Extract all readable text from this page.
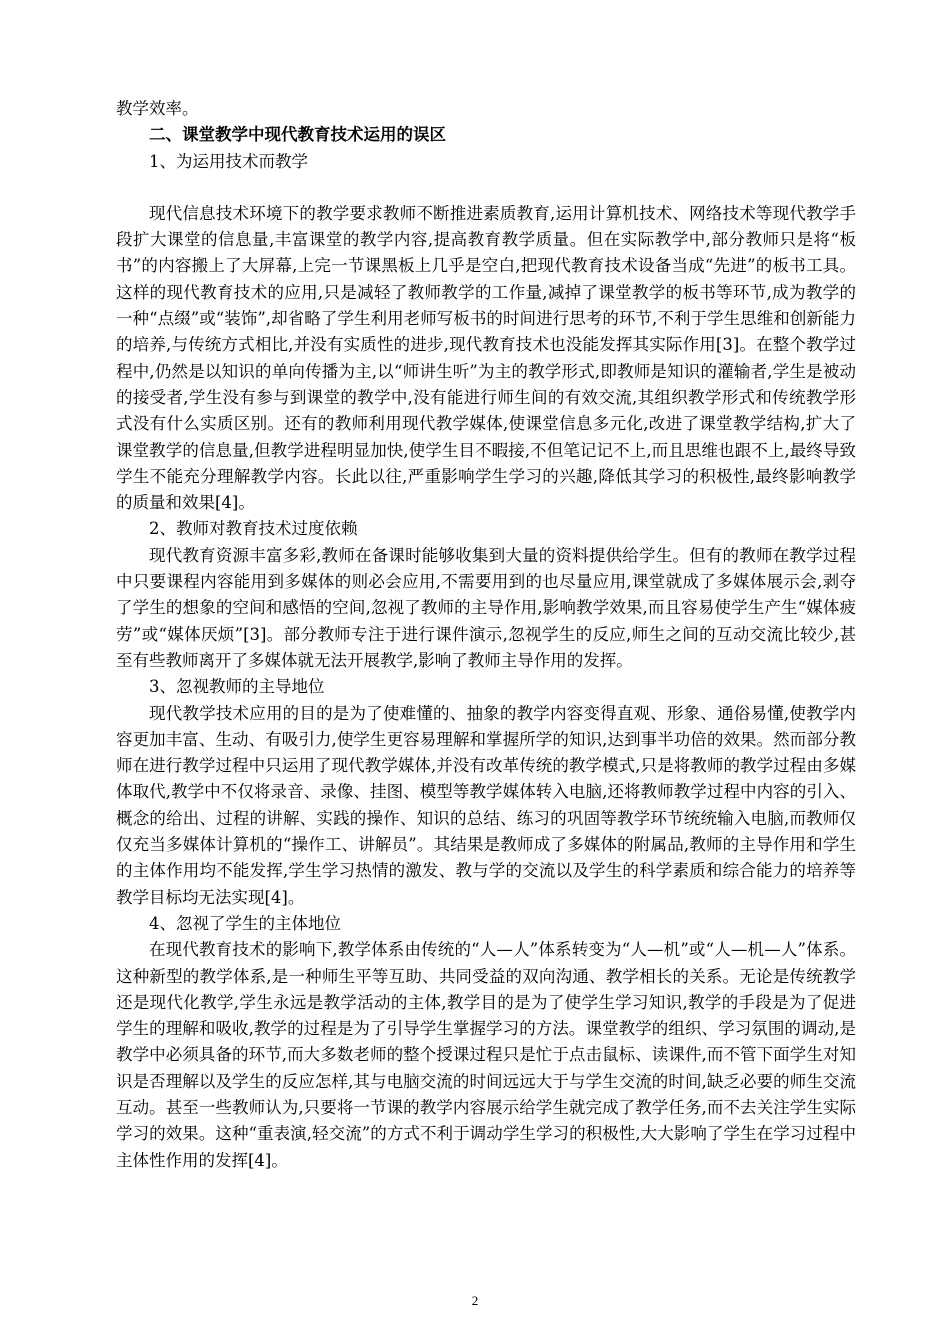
教学效率。

二、课堂教学中现代教育技术运用的误区

1、为运用技术而教学

现代信息技术环境下的教学要求教师不断推进素质教育,运用计算机技术、网络技术等现代教学手段扩大课堂的信息量,丰富课堂的教学内容,提高教育教学质量。但在实际教学中,部分教师只是将“板书”的内容搬上了大屏幕,上完一节课黑板上几乎是空白,把现代教育技术设备当成“先进”的板书工具。这样的现代教育技术的应用,只是减轻了教师教学的工作量,减掉了课堂教学的板书等环节,成为教学的一种“点缀”或“装饰”,却省略了学生利用老师写板书的时间进行思考的环节,不利于学生思维和创新能力的培养,与传统方式相比,并没有实质性的进步,现代教育技术也没能发挥其实际作用[3]。在整个教学过程中,仍然是以知识的单向传播为主,以“师讲生听”为主的教学形式,即教师是知识的灌输者,学生是被动的接受者,学生没有参与到课堂的教学中,没有能进行师生间的有效交流,其组织教学形式和传统教学形式没有什么实质区别。还有的教师利用现代教学媒体,使课堂信息多元化,改进了课堂教学结构,扩大了课堂教学的信息量,但教学进程明显加快,使学生目不暇接,不但笔记记不上,而且思维也跟不上,最终导致学生不能充分理解教学内容。长此以往,严重影响学生学习的兴趣,降低其学习的积极性,最终影响教学的质量和效果[4]。

2、教师对教育技术过度依赖

现代教育资源丰富多彩,教师在备课时能够收集到大量的资料提供给学生。但有的教师在教学过程中只要课程内容能用到多媒体的则必会应用,不需要用到的也尽量应用,课堂就成了多媒体展示会,剥夺了学生的想象的空间和感悟的空间,忽视了教师的主导作用,影响教学效果,而且容易使学生产生“媒体疲劳”或“媒体厌烦”[3]。部分教师专注于进行课件演示,忽视学生的反应,师生之间的互动交流比较少,甚至有些教师离开了多媒体就无法开展教学,影响了教师主导作用的发挥。

3、忽视教师的主导地位

现代教学技术应用的目的是为了使难懂的、抽象的教学内容变得直观、形象、通俗易懂,使教学内容更加丰富、生动、有吸引力,使学生更容易理解和掌握所学的知识,达到事半功倍的效果。然而部分教师在进行教学过程中只运用了现代教学媒体,并没有改革传统的教学模式,只是将教师的教学过程由多媒体取代,教学中不仅将录音、录像、挂图、模型等教学媒体转入电脑,还将教师教学过程中内容的引入、概念的给出、过程的讲解、实践的操作、知识的总结、练习的巩固等教学环节统统输入电脑,而教师仅仅充当多媒体计算机的“操作工、讲解员”。其结果是教师成了多媒体的附属品,教师的主导作用和学生的主体作用均不能发挥,学生学习热情的激发、教与学的交流以及学生的科学素质和综合能力的培养等教学目标均无法实现[4]。

4、忽视了学生的主体地位

在现代教育技术的影响下,教学体系由传统的“人—人”体系转变为“人—机”或“人—机—人”体系。这种新型的教学体系,是一种师生平等互助、共同受益的双向沟通、教学相长的关系。无论是传统教学还是现代化教学,学生永远是教学活动的主体,教学目的是为了使学生学习知识,教学的手段是为了促进学生的理解和吸收,教学的过程是为了引导学生掌握学习的方法。课堂教学的组织、学习氛围的调动,是教学中必须具备的环节,而大多数老师的整个授课过程只是忙于点击鼠标、读课件,而不管下面学生对知识是否理解以及学生的反应怎样,其与电脑交流的时间远远大于与学生交流的时间,缺乏必要的师生交流互动。甚至一些教师认为,只要将一节课的教学内容展示给学生就完成了教学任务,而不去关注学生实际学习的效果。这种“重表演,轻交流”的方式不利于调动学生学习的积极性,大大影响了学生在学习过程中主体性作用的发挥[4]。

2
